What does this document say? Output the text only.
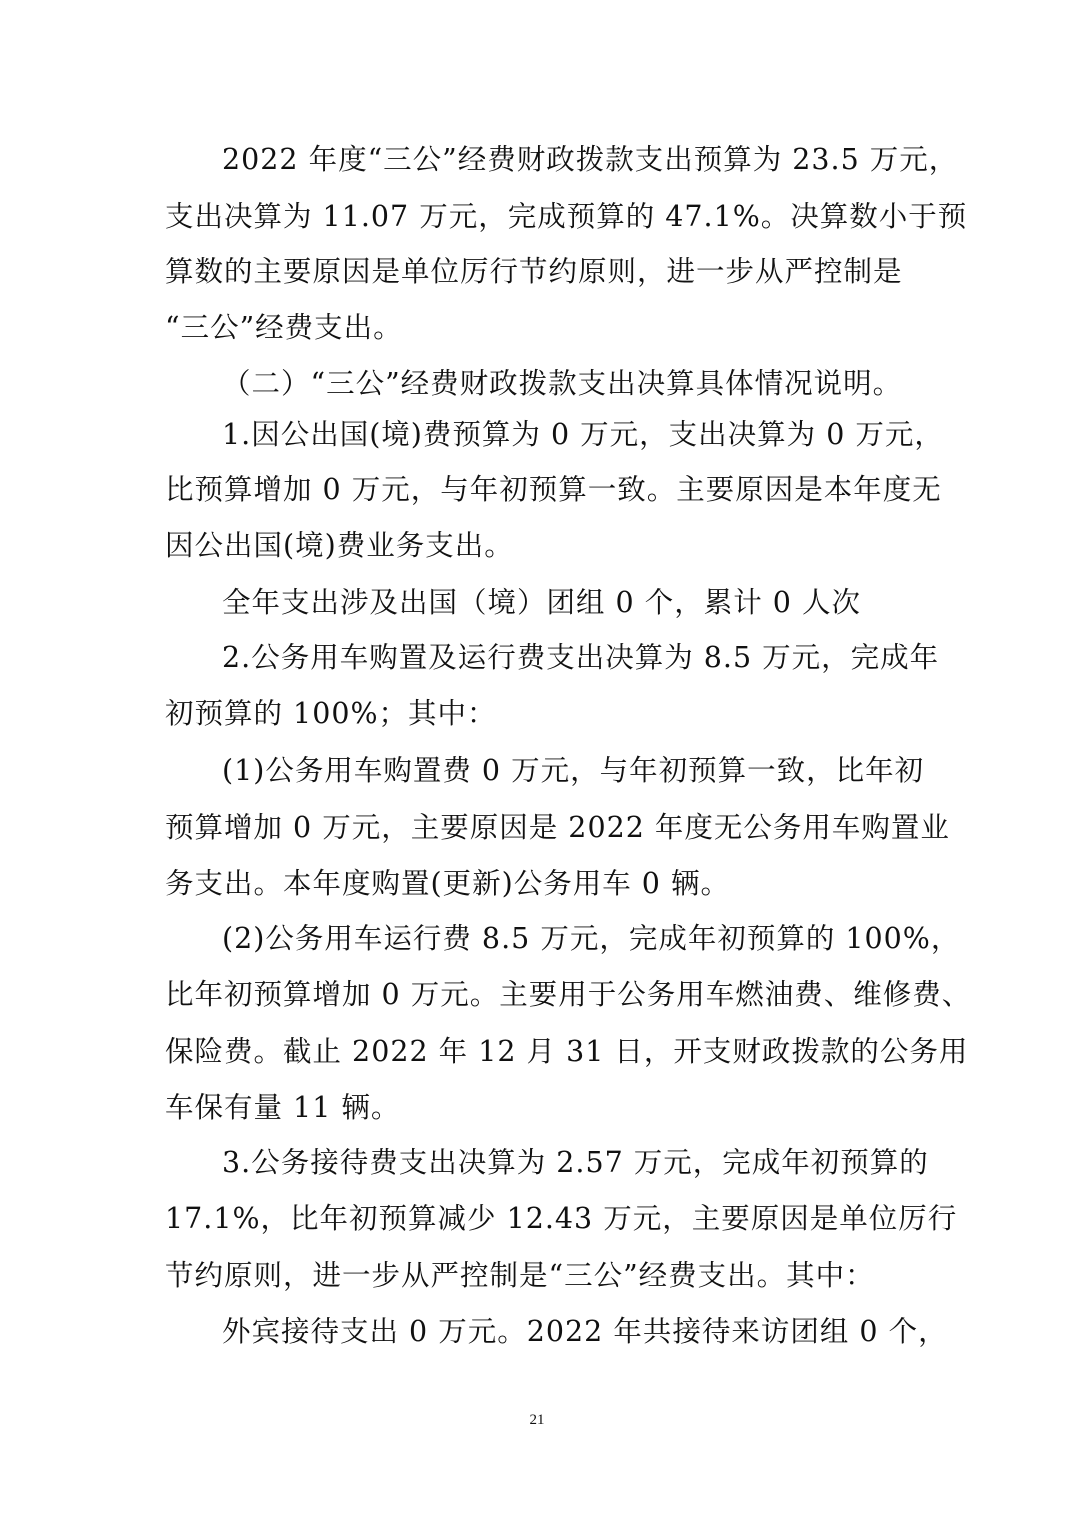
2022 年度“三公”经费财政拨款支出预算为 23.5 万元，
支出决算为 11.07 万元，完成预算的 47.1%。决算数小于预
算数的主要原因是单位厉行节约原则，进一步从严控制是
“三公”经费支出。
（二）“三公”经费财政拨款支出决算具体情况说明。
1.因公出国(境)费预算为 0 万元，支出决算为 0 万元，
比预算增加 0 万元，与年初预算一致。主要原因是本年度无
因公出国(境)费业务支出。
全年支出涉及出国（境）团组 0 个，累计 0 人次
2.公务用车购置及运行费支出决算为 8.5 万元，完成年
初预算的 100%；其中：
(1)公务用车购置费 0 万元，与年初预算一致，比年初
预算增加 0 万元，主要原因是 2022 年度无公务用车购置业
务支出。本年度购置(更新)公务用车 0 辆。
(2)公务用车运行费 8.5 万元，完成年初预算的 100%，
比年初预算增加 0 万元。主要用于公务用车燃油费、维修费、
保险费。截止 2022 年 12 月 31 日，开支财政拨款的公务用
车保有量 11 辆。
3.公务接待费支出决算为 2.57 万元，完成年初预算的
17.1%，比年初预算减少 12.43 万元，主要原因是单位厉行
节约原则，进一步从严控制是“三公”经费支出。其中：
外宾接待支出 0 万元。2022 年共接待来访团组 0 个，
21
